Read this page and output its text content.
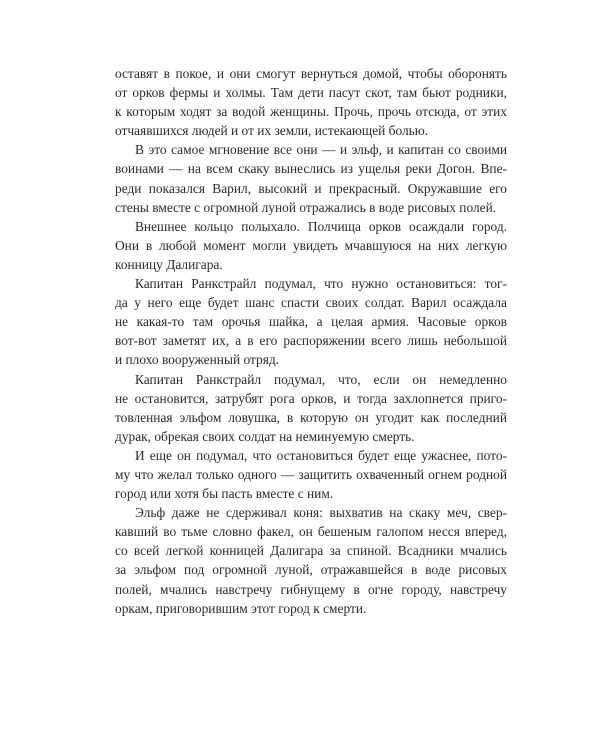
оставят в покое, и они смогут вернуться домой, чтобы оборонять
от орков фермы и холмы. Там дети пасут скот, там бьют родники,
к которым ходят за водой женщины. Прочь, прочь отсюда, от этих
отчаявшихся людей и от их земли, истекающей болью.
В это самое мгновение все они — и эльф, и капитан со своими
воинами — на всем скаку вынеслись из ущелья реки Догон. Впе-
реди показался Варил, высокий и прекрасный. Окружавшие его
стены вместе с огромной луной отражались в воде рисовых полей.
Внешнее кольцо полыхало. Полчища орков осаждали город.
Они в любой момент могли увидеть мчавшуюся на них легкую
конницу Далигара.
Капитан Ранкстрайл подумал, что нужно остановиться: тог-
да у него еще будет шанс спасти своих солдат. Варил осаждала
не какая-то там орочья шайка, а целая армия. Часовые орков
вот-вот заметят их, а в его распоряжении всего лишь небольшой
и плохо вооруженный отряд.
Капитан Ранкстрайл подумал, что, если он немедленно
не остановится, затрубят рога орков, и тогда захлопнется приго-
товленная эльфом ловушка, в которую он угодит как последний
дурак, обрекая своих солдат на неминуемую смерть.
И еще он подумал, что остановиться будет еще ужаснее, пото-
му что желал только одного — защитить охваченный огнем родной
город или хотя бы пасть вместе с ним.
Эльф даже не сдерживал коня: выхватив на скаку меч, свер-
кавший во тьме словно факел, он бешеным галопом несся вперед,
со всей легкой конницей Далигара за спиной. Всадники мчались
за эльфом под огромной луной, отражавшейся в воде рисовых
полей, мчались навстречу гибнущему в огне городу, навстречу
оркам, приговорившим этот город к смерти.
